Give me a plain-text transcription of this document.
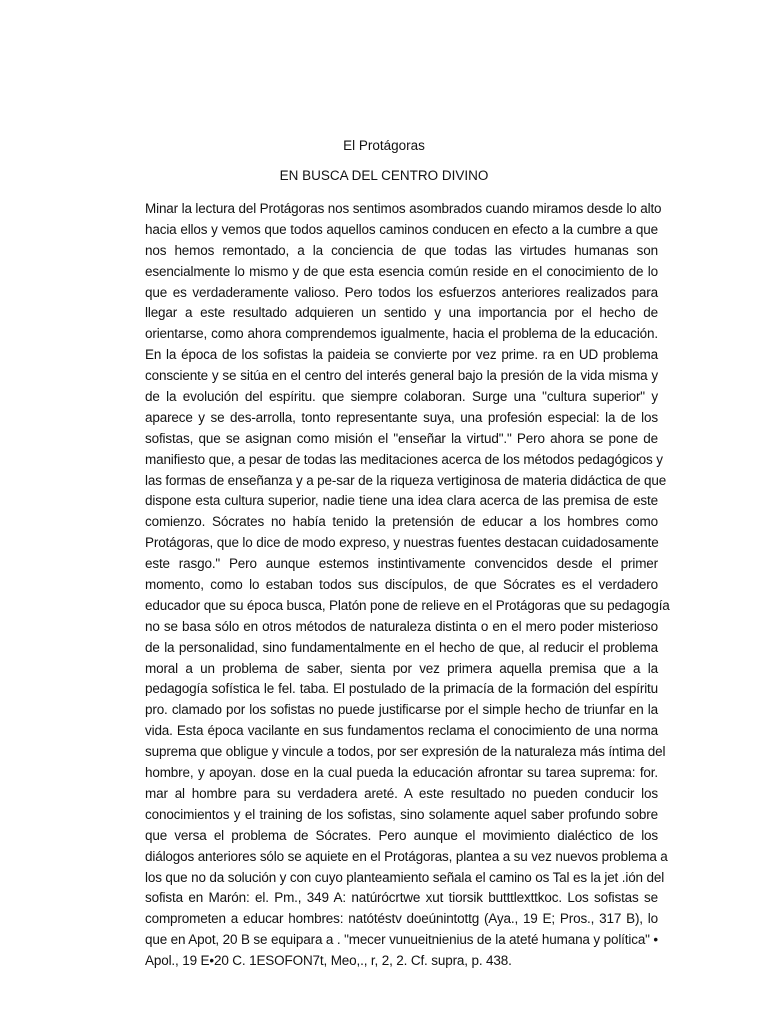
El Protágoras
EN BUSCA DEL CENTRO DIVINO
Minar la lectura del Protágoras nos sentimos asombrados cuando miramos desde lo alto
hacia ellos y vemos que todos aquellos caminos conducen en efecto a la cumbre a que
nos hemos remontado, a la conciencia de que todas las virtudes humanas son
esencialmente lo mismo y de que esta esencia común reside en el conocimiento de lo
que es verdaderamente valioso. Pero todos los esfuerzos anteriores realizados para
llegar a este resultado adquieren un sentido y una importancia por el hecho de
orientarse, como ahora comprendemos igualmente, hacia el problema de la educación.
En la época de los sofistas la paideia se convierte por vez prime. ra en UD problema
consciente y se sitúa en el centro del interés general bajo la presión de la vida misma y
de la evolución del espíritu. que siempre colaboran. Surge una "cultura superior" y
aparece y se des-arrolla, tonto representante suya, una profesión especial: la de los
sofistas, que se asignan como misión el "enseñar la virtud"." Pero ahora se pone de
manifiesto que, a pesar de todas las meditaciones acerca de los métodos pedagógicos y
las formas de enseñanza y a pe-sar de la riqueza vertiginosa de materia didáctica de que
dispone esta cultura superior, nadie tiene una idea clara acerca de las premisa de este
comienzo. Sócrates no había tenido la pretensión de educar a los hombres como
Protágoras, que lo dice de modo expreso, y nuestras fuentes destacan cuidadosamente
este rasgo." Pero aunque estemos instintivamente convencidos desde el primer
momento, como lo estaban todos sus discípulos, de que Sócrates es el verdadero
educador que su época busca, Platón pone de relieve en el Protágoras que su pedagogía
no se basa sólo en otros métodos de naturaleza distinta o en el mero poder misterioso
de la personalidad, sino fundamentalmente en el hecho de que, al reducir el problema
moral a un problema de saber, sienta por vez primera aquella premisa que a la
pedagogía sofística le fel. taba. El postulado de la primacía de la formación del espíritu
pro. clamado por los sofistas no puede justificarse por el simple hecho de triunfar en la
vida. Esta época vacilante en sus fundamentos reclama el conocimiento de una norma
suprema que obligue y vincule a todos, por ser expresión de la naturaleza más íntima del
hombre, y apoyan. dose en la cual pueda la educación afrontar su tarea suprema: for.
mar al hombre para su verdadera areté. A este resultado no pueden conducir los
conocimientos y el training de los sofistas, sino solamente aquel saber profundo sobre
que versa el problema de Sócrates. Pero aunque el movimiento dialéctico de los
diálogos anteriores sólo se aquiete en el Protágoras, plantea a su vez nuevos problema a
los que no da solución y con cuyo planteamiento señala el camino os Tal es la jet .ión del
sofista en Marón: el. Pm., 349 A: natúrócrtwe xut tiorsik butttlexttkoc. Los sofistas se
comprometen a educar hombres: natótéstv doeúnintottg (Aya., 19 E; Pros., 317 B), lo
que en Apot, 20 B se equipara a . "mecer vunueitnienius de la ateté humana y política" •
Apol., 19 E•20 C. 1ESOFON7t, Meo,., r, 2, 2. Cf. supra, p. 438.
